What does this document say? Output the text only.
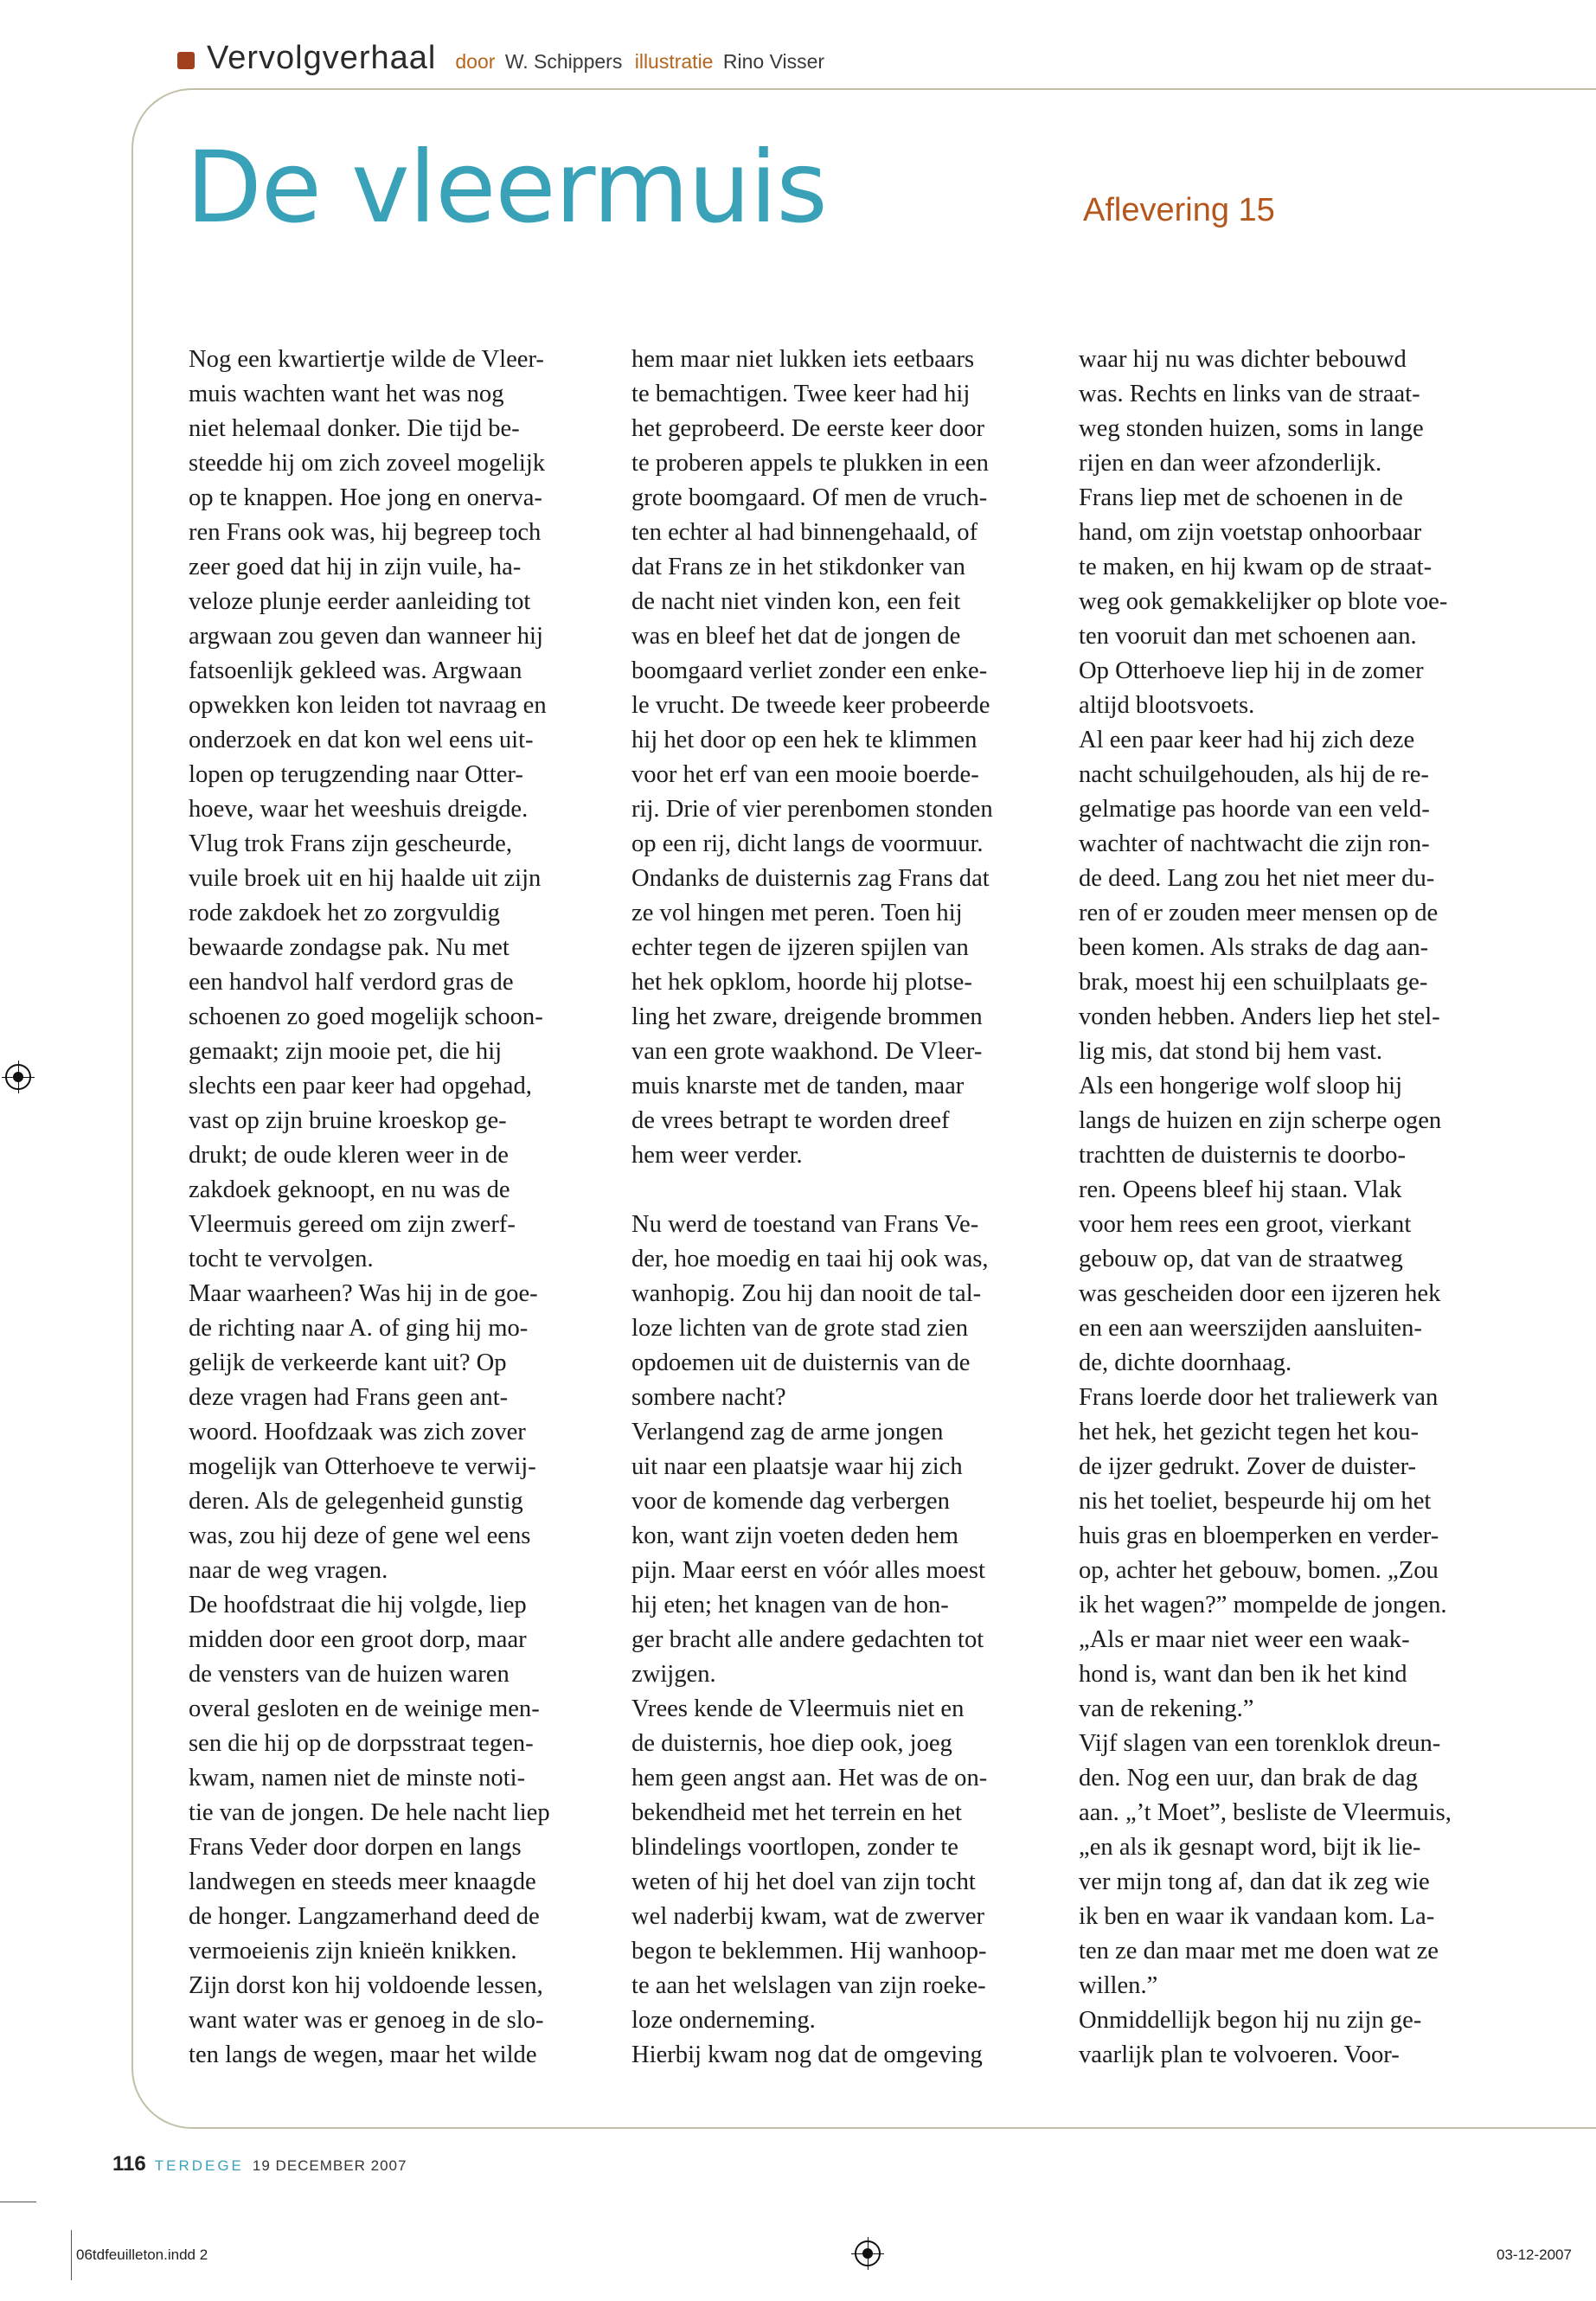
Vervolgverhaal door W. Schippers illustratie Rino Visser
De vleermuis	Aflevering 15
Nog een kwartiertje wilde de Vleer-
muis wachten want het was nog
niet helemaal donker. Die tijd be-
steedde hij om zich zoveel mogelijk
op te knappen. Hoe jong en onerva-
ren Frans ook was, hij begreep toch
zeer goed dat hij in zijn vuile, ha-
veloze plunje eerder aanleiding tot
argwaan zou geven dan wanneer hij
fatsoenlijk gekleed was. Argwaan
opwekken kon leiden tot navraag en
onderzoek en dat kon wel eens uit-
lopen op terugzending naar Otter-
hoeve, waar het weeshuis dreigde.
Vlug trok Frans zijn gescheurde,
vuile broek uit en hij haalde uit zijn
rode zakdoek het zo zorgvuldig
bewaarde zondagse pak. Nu met
een handvol half verdord gras de
schoenen zo goed mogelijk schoon-
gemaakt; zijn mooie pet, die hij
slechts een paar keer had opgehad,
vast op zijn bruine kroeskop ge-
drukt; de oude kleren weer in de
zakdoek geknoopt, en nu was de
Vleermuis gereed om zijn zwerf-
tocht te vervolgen.
Maar waarheen? Was hij in de goe-
de richting naar A. of ging hij mo-
gelijk de verkeerde kant uit? Op
deze vragen had Frans geen ant-
woord. Hoofdzaak was zich zover
mogelijk van Otterhoeve te verwij-
deren. Als de gelegenheid gunstig
was, zou hij deze of gene wel eens
naar de weg vragen.
De hoofdstraat die hij volgde, liep
midden door een groot dorp, maar
de vensters van de huizen waren
overal gesloten en de weinige men-
sen die hij op de dorpsstraat tegen-
kwam, namen niet de minste noti-
tie van de jongen. De hele nacht liep
Frans Veder door dorpen en langs
landwegen en steeds meer knaagde
de honger. Langzamerhand deed de
vermoeienis zijn knieën knikken.
Zijn dorst kon hij voldoende lessen,
want water was er genoeg in de slo-
ten langs de wegen, maar het wilde
hem maar niet lukken iets eetbaars
te bemachtigen. Twee keer had hij
het geprobeerd. De eerste keer door
te proberen appels te plukken in een
grote boomgaard. Of men de vruch-
ten echter al had binnengehaald, of
dat Frans ze in het stikdonker van
de nacht niet vinden kon, een feit
was en bleef het dat de jongen de
boomgaard verliet zonder een enke-
le vrucht. De tweede keer probeerde
hij het door op een hek te klimmen
voor het erf van een mooie boerde-
rij. Drie of vier perenbomen stonden
op een rij, dicht langs de voormuur.
Ondanks de duisternis zag Frans dat
ze vol hingen met peren. Toen hij
echter tegen de ijzeren spijlen van
het hek opklom, hoorde hij plotse-
ling het zware, dreigende brommen
van een grote waakhond. De Vleer-
muis knarste met de tanden, maar
de vrees betrapt te worden dreef
hem weer verder.
Nu werd de toestand van Frans Ve-
der, hoe moedig en taai hij ook was,
wanhopig. Zou hij dan nooit de tal-
loze lichten van de grote stad zien
opdoemen uit de duisternis van de
sombere nacht?
Verlangend zag de arme jongen
uit naar een plaatsje waar hij zich
voor de komende dag verbergen
kon, want zijn voeten deden hem
pijn. Maar eerst en vóór alles moest
hij eten; het knagen van de hon-
ger bracht alle andere gedachten tot
zwijgen.
Vrees kende de Vleermuis niet en
de duisternis, hoe diep ook, joeg
hem geen angst aan. Het was de on-
bekendheid met het terrein en het
blindelings voortlopen, zonder te
weten of hij het doel van zijn tocht
wel naderbij kwam, wat de zwerver
begon te beklemmen. Hij wanhoop-
te aan het welslagen van zijn roeke-
loze onderneming.
Hierbij kwam nog dat de omgeving
waar hij nu was dichter bebouwd
was. Rechts en links van de straat-
weg stonden huizen, soms in lange
rijen en dan weer afzonderlijk.
Frans liep met de schoenen in de
hand, om zijn voetstap onhoorbaar
te maken, en hij kwam op de straat-
weg ook gemakkelijker op blote voe-
ten vooruit dan met schoenen aan.
Op Otterhoeve liep hij in de zomer
altijd blootsvoets.
Al een paar keer had hij zich deze
nacht schuilgehouden, als hij de re-
gelmatige pas hoorde van een veld-
wachter of nachtwacht die zijn ron-
de deed. Lang zou het niet meer du-
ren of er zouden meer mensen op de
been komen. Als straks de dag aan-
brak, moest hij een schuilplaats ge-
vonden hebben. Anders liep het stel-
lig mis, dat stond bij hem vast.
Als een hongerige wolf sloop hij
langs de huizen en zijn scherpe ogen
trachtten de duisternis te doorbo-
ren. Opeens bleef hij staan. Vlak
voor hem rees een groot, vierkant
gebouw op, dat van de straatweg
was gescheiden door een ijzeren hek
en een aan weerszijden aansluiten-
de, dichte doornhaag.
Frans loerde door het traliewerk van
het hek, het gezicht tegen het kou-
de ijzer gedrukt. Zover de duister-
nis het toeliet, bespeurde hij om het
huis gras en bloemperken en verder-
op, achter het gebouw, bomen. „Zou
ik het wagen?” mompelde de jongen.
„Als er maar niet weer een waak-
hond is, want dan ben ik het kind
van de rekening.”
Vijf slagen van een torenklok dreun-
den. Nog een uur, dan brak de dag
aan. „’t Moet”, besliste de Vleermuis,
„en als ik gesnapt word, bijt ik lie-
ver mijn tong af, dan dat ik zeg wie
ik ben en waar ik vandaan kom. La-
ten ze dan maar met me doen wat ze
willen.”
Onmiddellijk begon hij nu zijn ge-
vaarlijk plan te volvoeren. Voor-
116 TERDEGE 19 DECEMBER 2007
06tdfeuilleton.indd 2	03-12-2007
